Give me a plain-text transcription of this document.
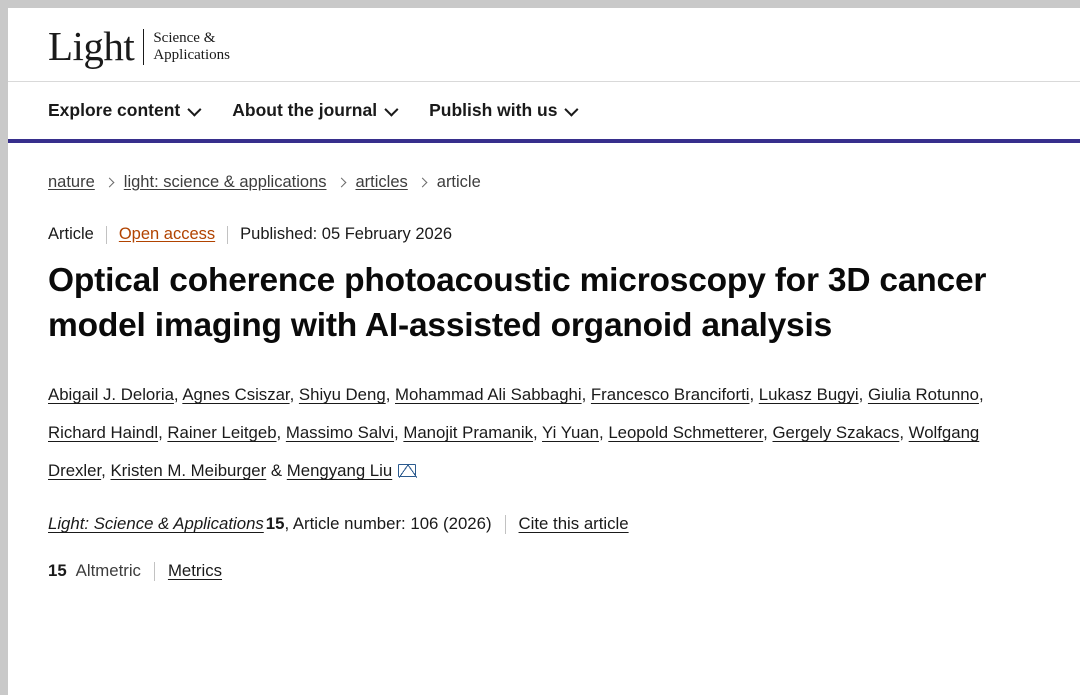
Light Science &
Applications
Explore content	About the journal	Publish with us
nature light: science & applications articles article
Article Open access Published: 05 February 2026
Optical coherence photoacoustic microscopy for 3D cancer model imaging with AI-assisted organoid analysis
Abigail J. Deloria, Agnes Csiszar, Shiyu Deng, Mohammad Ali Sabbaghi, Francesco Branciforti, Lukasz Bugyi, Giulia Rotunno, Richard Haindl, Rainer Leitgeb, Massimo Salvi, Manojit Pramanik, Yi Yuan, Leopold Schmetterer, Gergely Szakacs, Wolfgang Drexler, Kristen M. Meiburger & Mengyang Liu
Light: Science & Applications 15 , Article number: 106 (2026) Cite this article
15 Altmetric Metrics
